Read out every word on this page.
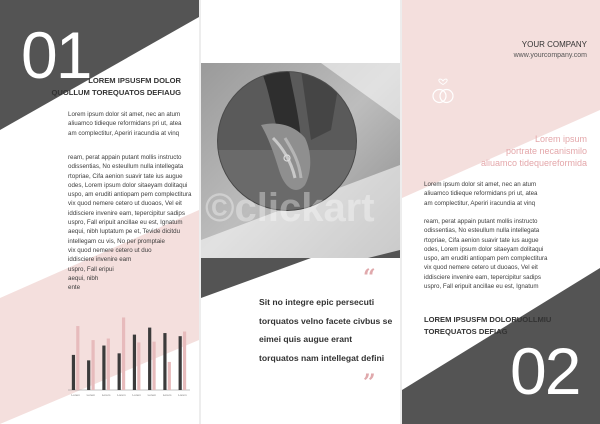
01
LOREM IPSUSFM DOLOR
QUOLLUM TOREQUATOS DEFIAUG
Lorem ipsum dolor sit amet, nec an atum
aliuamco tidieque reformidans pri ut, atea
am complectitur, Aperiri iracundia at vinq
ream, perat appain putant mollis instructo
odissentias, No esteullum nulla intellegata
rtopriae, Cifa aenion suavir tate ius augue
odes, Lorem ipsum dolor sitaeyam dolitaqui
uspo, am eruditi antiopam pem complectitura
vix quod nemere cetero ut duoaos, Vel eit
iddisciere invenire eam, tepercipitur sadips
uspro, Fall eripuit ancillae eu est, Ignatum
aequi, nibh luptatum pe et, Tevide dicitdu
intellegam cu vis, No per promptaie
vix quod nemere cetero ut duo
iddisciere invenire eam
uspro, Fall eripui
aequi, nibh
ente
Lorem Lorem Lorem Lorem Lorem Lorem Lorem Lorem
“
Sit no integre epic persecuti
torquatos velno facete civbus se
eimei quis augue erant
torquatos nam intellegat defini
”
YOUR COMPANY
www.yourcompany.com
Lorem ipsum
portrate necanismilo
aliuamco tidequereformida
Lorem ipsum dolor sit amet, nec an atum
aliuamco tidieque reformidans pri ut, atea
am complectitur, Aperiri iracundia at vinq
ream, perat appain putant mollis instructo
odissentias, No esteullum nulla intellegata
rtopriae, Cifa aenion suavir tate ius augue
odes, Lorem ipsum dolor sitaeyam dolitaqui
uspo, am eruditi antiopam pem complectitura
vix quod nemere cetero ut duoaos, Vel eit
iddisciere invenire eam, tepercipitur sadips
uspro, Fall eripuit ancillae eu est, Ignatum
LOREM IPSUSFM DOLORUOLLMIU
TOREQUATOS DEFIAG
02
©clickart
